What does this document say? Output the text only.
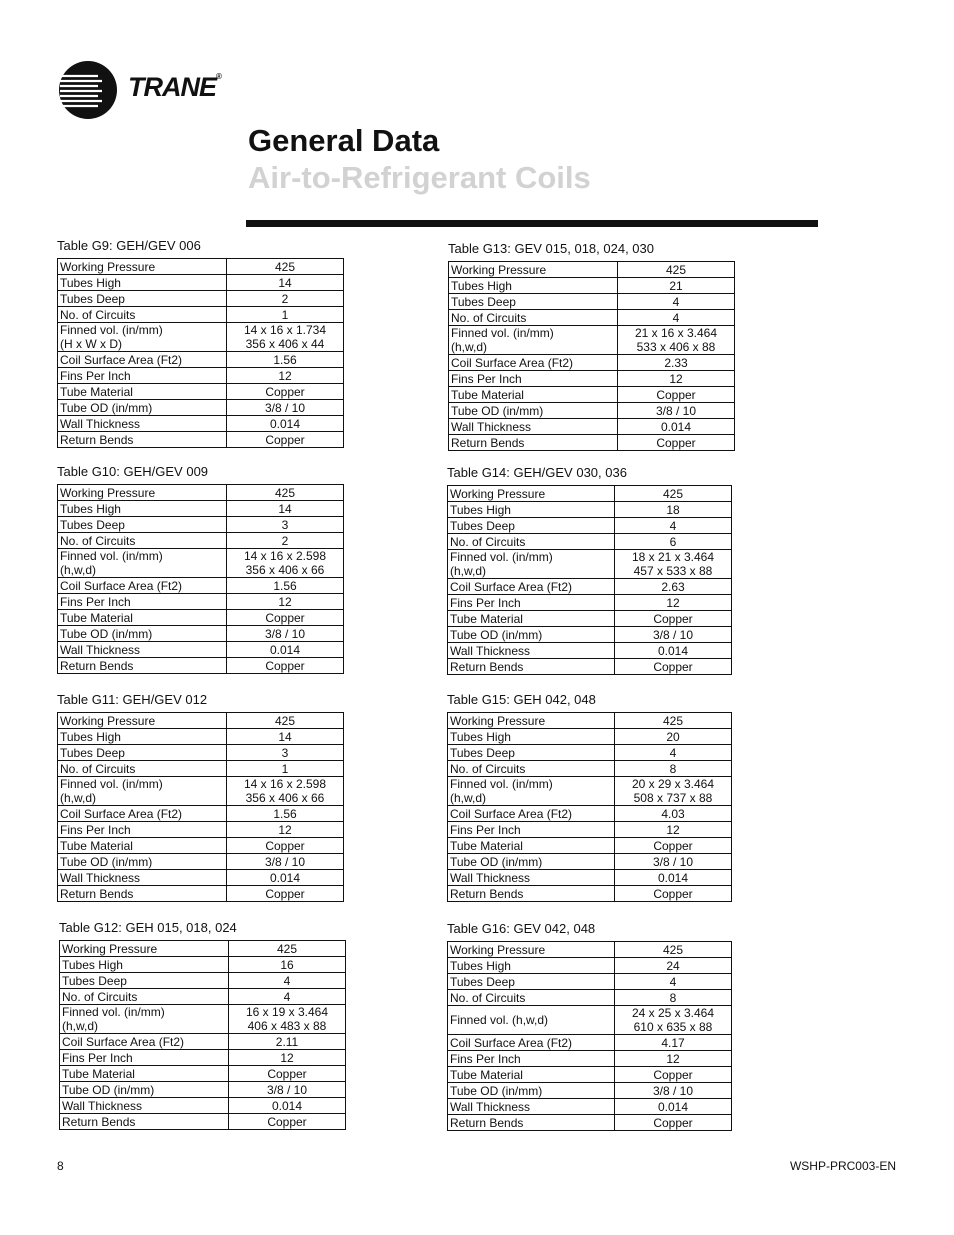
TRANE®
General Data
Air-to-Refrigerant Coils
Table G9: GEH/GEV 006
Working Pressure	425
Tubes High	14
Tubes Deep	2
No. of Circuits	1
Finned vol. (in/mm)
(H x W x D)	14 x 16 x 1.734
356 x 406 x 44
Coil Surface Area (Ft2)	1.56
Fins Per Inch	12
Tube Material	Copper
Tube OD (in/mm)	3/8 / 10
Wall Thickness	0.014
Return Bends	Copper
Table G10: GEH/GEV 009
Working Pressure	425
Tubes High	14
Tubes Deep	3
No. of Circuits	2
Finned vol. (in/mm)
(h,w,d)	14 x 16 x 2.598
356 x 406 x 66
Coil Surface Area (Ft2)	1.56
Fins Per Inch	12
Tube Material	Copper
Tube OD (in/mm)	3/8 / 10
Wall Thickness	0.014
Return Bends	Copper
Table G11: GEH/GEV 012
Working Pressure	425
Tubes High	14
Tubes Deep	3
No. of Circuits	1
Finned vol. (in/mm)
(h,w,d)	14 x 16 x 2.598
356 x 406 x 66
Coil Surface Area (Ft2)	1.56
Fins Per Inch	12
Tube Material	Copper
Tube OD (in/mm)	3/8 / 10
Wall Thickness	0.014
Return Bends	Copper
Table G12: GEH 015, 018, 024
Working Pressure	425
Tubes High	16
Tubes Deep	4
No. of Circuits	4
Finned vol. (in/mm)
(h,w,d)	16 x 19 x 3.464
406 x 483 x 88
Coil Surface Area (Ft2)	2.11
Fins Per Inch	12
Tube Material	Copper
Tube OD (in/mm)	3/8 / 10
Wall Thickness	0.014
Return Bends	Copper
Table G13: GEV 015, 018, 024, 030
Working Pressure	425
Tubes High	21
Tubes Deep	4
No. of Circuits	4
Finned vol. (in/mm)
(h,w,d)	21 x 16 x 3.464
533 x 406 x 88
Coil Surface Area (Ft2)	2.33
Fins Per Inch	12
Tube Material	Copper
Tube OD (in/mm)	3/8 / 10
Wall Thickness	0.014
Return Bends	Copper
Table G14: GEH/GEV 030, 036
Working Pressure	425
Tubes High	18
Tubes Deep	4
No. of Circuits	6
Finned vol. (in/mm)
(h,w,d)	18 x 21 x 3.464
457 x 533 x 88
Coil Surface Area (Ft2)	2.63
Fins Per Inch	12
Tube Material	Copper
Tube OD (in/mm)	3/8 / 10
Wall Thickness	0.014
Return Bends	Copper
Table G15: GEH 042, 048
Working Pressure	425
Tubes High	20
Tubes Deep	4
No. of Circuits	8
Finned vol. (in/mm)
(h,w,d)	20 x 29 x 3.464
508 x 737 x 88
Coil Surface Area (Ft2)	4.03
Fins Per Inch	12
Tube Material	Copper
Tube OD (in/mm)	3/8 / 10
Wall Thickness	0.014
Return Bends	Copper
Table G16: GEV 042, 048
Working Pressure	425
Tubes High	24
Tubes Deep	4
No. of Circuits	8
Finned vol. (h,w,d)	24 x 25 x 3.464
610 x 635 x 88
Coil Surface Area (Ft2)	4.17
Fins Per Inch	12
Tube Material	Copper
Tube OD (in/mm)	3/8 / 10
Wall Thickness	0.014
Return Bends	Copper
8	WSHP-PRC003-EN
